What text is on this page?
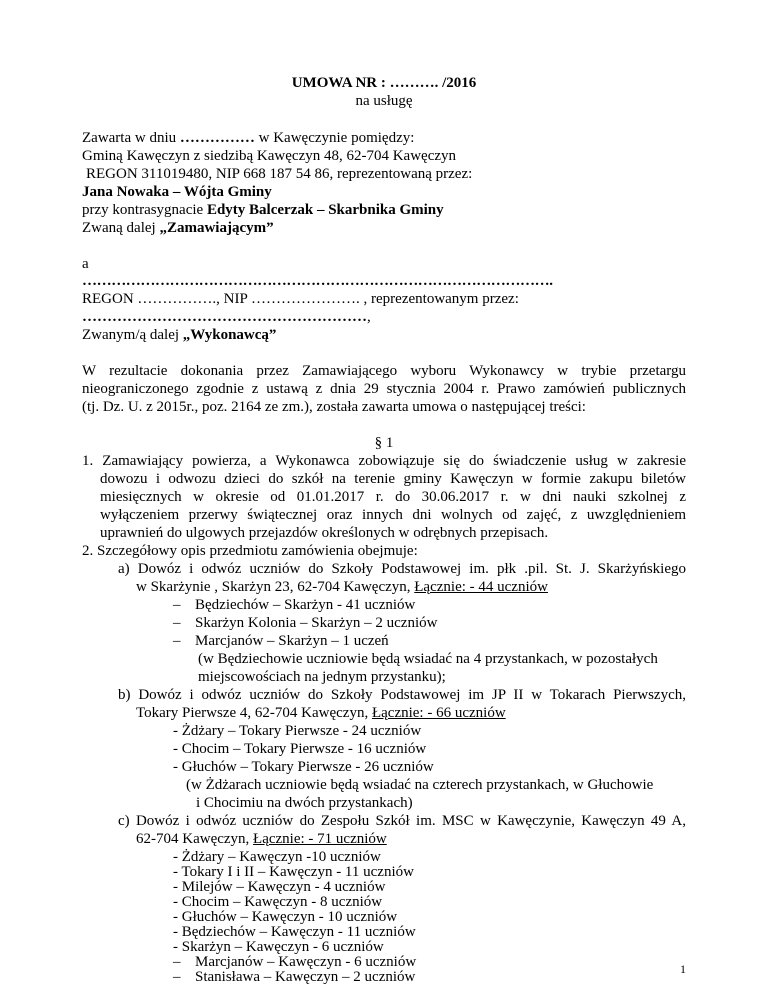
UMOWA NR : ………. /2016
na usługę
Zawarta w dniu …………… w Kawęczynie pomiędzy:
Gminą Kawęczyn z siedzibą Kawęczyn 48, 62-704 Kawęczyn
REGON 311019480, NIP 668 187 54 86, reprezentowaną przez:
Jana Nowaka – Wójta Gminy
przy kontrasygnacie Edyty Balcerzak – Skarbnika Gminy
Zwaną dalej „Zamawiającym”
a
…………………………………………………………………………………….
REGON ……………., NIP …………………. , reprezentowanym przez:
…………………………………………………,
Zwanym/ą dalej „Wykonawcą”
W rezultacie dokonania przez Zamawiającego wyboru Wykonawcy w trybie przetargu
nieograniczonego zgodnie z ustawą z dnia 29 stycznia 2004 r. Prawo zamówień publicznych
(tj. Dz. U. z 2015r., poz. 2164 ze zm.), została zawarta umowa o następującej treści:
§ 1
1. Zamawiający powierza, a Wykonawca zobowiązuje się do świadczenie usług w zakresie
dowozu i odwozu dzieci do szkół na terenie gminy Kawęczyn w formie zakupu biletów
miesięcznych w okresie od 01.01.2017 r. do 30.06.2017 r. w dni nauki szkolnej z
wyłączeniem przerwy świątecznej oraz innych dni wolnych od zajęć, z uwzględnieniem
uprawnień do ulgowych przejazdów określonych w odrębnych przepisach.
2. Szczegółowy opis przedmiotu zamówienia obejmuje:
a) Dowóz i odwóz uczniów do Szkoły Podstawowej im. płk .pil. St. J. Skarżyńskiego
w Skarżynie , Skarżyn 23, 62-704 Kawęczyn, Łącznie: - 44 uczniów
– Będziechów – Skarżyn - 41 uczniów
– Skarżyn Kolonia – Skarżyn – 2 uczniów
– Marcjanów – Skarżyn – 1 uczeń
(w Będziechowie uczniowie będą wsiadać na 4 przystankach, w pozostałych
miejscowościach na jednym przystanku);
b) Dowóz i odwóz uczniów do Szkoły Podstawowej im JP II w Tokarach Pierwszych,
Tokary Pierwsze 4, 62-704 Kawęczyn, Łącznie: - 66 uczniów
- Żdżary – Tokary Pierwsze - 24 uczniów
- Chocim – Tokary Pierwsze - 16 uczniów
- Głuchów – Tokary Pierwsze - 26 uczniów
(w Żdżarach uczniowie będą wsiadać na czterech przystankach, w Głuchowie
i Chocimiu na dwóch przystankach)
c) Dowóz i odwóz uczniów do Zespołu Szkół im. MSC w Kawęczynie, Kawęczyn 49 A,
62-704 Kawęczyn, Łącznie: - 71 uczniów
- Żdżary – Kawęczyn -10 uczniów
- Tokary I i II – Kawęczyn - 11 uczniów
- Milejów – Kawęczyn - 4 uczniów
- Chocim – Kawęczyn - 8 uczniów
- Głuchów – Kawęczyn - 10 uczniów
- Będziechów – Kawęczyn - 11 uczniów
- Skarżyn – Kawęczyn - 6 uczniów
1
– Marcjanów – Kawęczyn - 6 uczniów
– Stanisława – Kawęczyn – 2 uczniów
